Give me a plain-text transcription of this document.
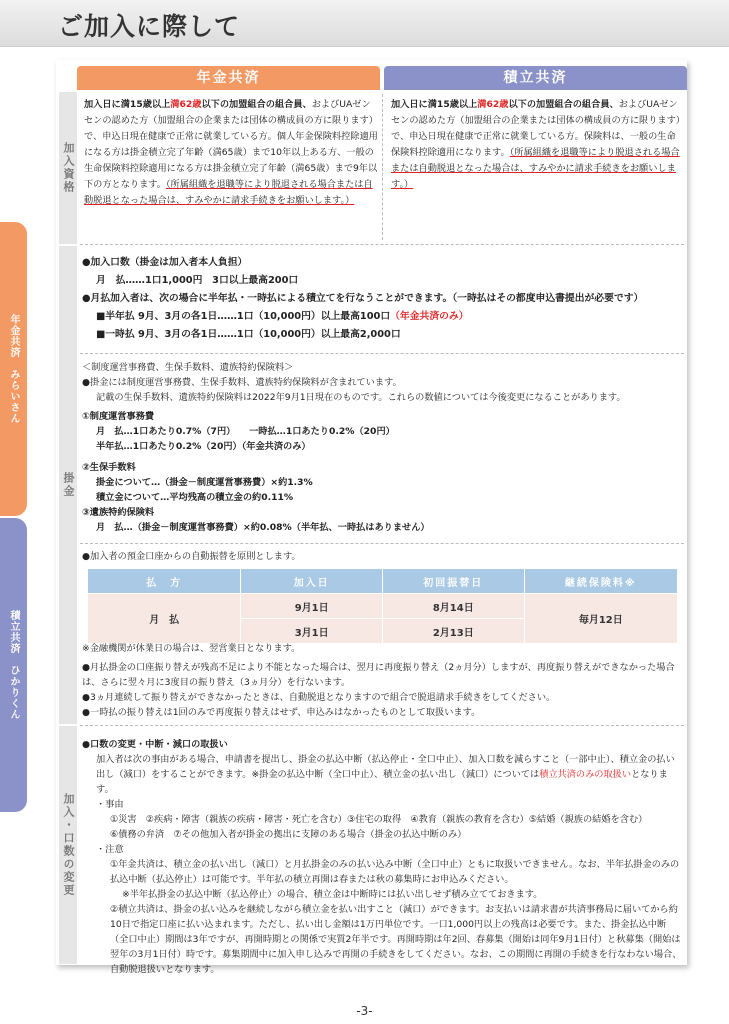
ご加入に際して
年金共済　みらいさん
積立共済　ひかりくん
年金共済	積立共済
加入資格
掛金
加入・口数の変更
加入日に満15歳以上満62歳以下の加盟組合の組合員、およびUAゼンセンの認めた方（加盟組合の企業または団体の構成員の方に限ります）で、申込日現在健康で正常に就業している方。個人年金保険料控除適用になる方は掛金積立完了年齢（満65歳）まで10年以上ある方、一般の生命保険料控除適用になる方は掛金積立完了年齢（満65歳）まで9年以下の方となります。（所属組織を退職等により脱退される場合または自動脱退となった場合は、すみやかに請求手続きをお願いします。）
加入日に満15歳以上満62歳以下の加盟組合の組合員、およびUAゼンセンの認めた方（加盟組合の企業または団体の構成員の方に限ります）で、申込日現在健康で正常に就業している方。保険料は、一般の生命保険料控除適用になります。（所属組織を退職等により脱退される場合または自動脱退となった場合は、すみやかに請求手続きをお願いします。）

●加入口数（掛金は加入者本人負担）

月　払……1口1,000円　3口以上最高200口

●月払加入者は、次の場合に半年払・一時払による積立てを行なうことができます。（一時払はその都度申込書提出が必要です）

■半年払 9月、3月の各1日……1口（10,000円）以上最高100口（年金共済のみ）

■一時払 9月、3月の各1日……1口（10,000円）以上最高2,000口

＜制度運営事務費、生保手数料、遺族特約保険料＞

●掛金には制度運営事務費、生保手数料、遺族特約保険料が含まれています。

記載の生保手数料、遺族特約保険料は2022年9月1日現在のものです。これらの数値については今後変更になることがあります。

①制度運営事務費

月　払…1口あたり0.7%（7円）　　一時払…1口あたり0.2%（20円）

半年払…1口あたり0.2%（20円）（年金共済のみ）

②生保手数料

掛金について…（掛金－制度運営事務費）×約1.3%

積立金について…平均残高の積立金の約0.11%

③遺族特約保険料

月　払…（掛金－制度運営事務費）×約0.08%（半年払、一時払はありません）

●加入者の預金口座からの自動振替を原則とします。
払　方	加入日	初回振替日	継続保険料※
月　払	9月1日	8月14日	毎月12日
	3月1日	2月13日	

※金融機関が休業日の場合は、翌営業日となります。

●月払掛金の口座振り替えが残高不足により不能となった場合は、翌月に再度振り替え（2ヵ月分）しますが、再度振り替えができなかった場合は、さらに翌々月に3度目の振り替え（3ヵ月分）を行ないます。

●3ヵ月連続して振り替えができなかったときは、自動脱退となりますので組合で脱退請求手続きをしてください。

●一時払の振り替えは1回のみで再度振り替えはせず、申込みはなかったものとして取扱います。

●口数の変更・中断・減口の取扱い

加入者は次の事由がある場合、申請書を提出し、掛金の払込中断（払込停止・全口中止）、加入口数を減らすこと（一部中止）、積立金の払い出し（減口）をすることができます。※掛金の払込中断（全口中止）、積立金の払い出し（減口）については積立共済のみの取扱いとなります。

・事由

①災害　②疾病・障害（親族の疾病・障害・死亡を含む）③住宅の取得　④教育（親族の教育を含む）⑤結婚（親族の結婚を含む）

⑥債務の弁済　⑦その他加入者が掛金の拠出に支障のある場合（掛金の払込中断のみ）

・注意

①年金共済は、積立金の払い出し（減口）と月払掛金のみの払い込み中断（全口中止）ともに取扱いできません。なお、半年払掛金のみの払込中断（払込停止）は可能です。半年払の積立再開は春または秋の募集時にお申込みください。

※半年払掛金の払込中断（払込停止）の場合、積立金は中断時には払い出しせず積み立てておきます。

②積立共済は、掛金の払い込みを継続しながら積立金を払い出すこと（減口）ができます。お支払いは請求書が共済事務局に届いてから約10日で指定口座に払い込まれます。ただし、払い出し金額は1万円単位です。一口1,000円以上の残高は必要です。また、掛金払込中断（全口中止）期間は3年ですが、再開時期との関係で実質2年半です。再開時期は年2回、春募集（開始は同年9月1日付）と秋募集（開始は翌年の3月1日付）時です。募集期間中に加入申し込みで再開の手続きをしてください。なお、この期間に再開の手続きを行なわない場合、自動脱退扱いとなります。

-3-
